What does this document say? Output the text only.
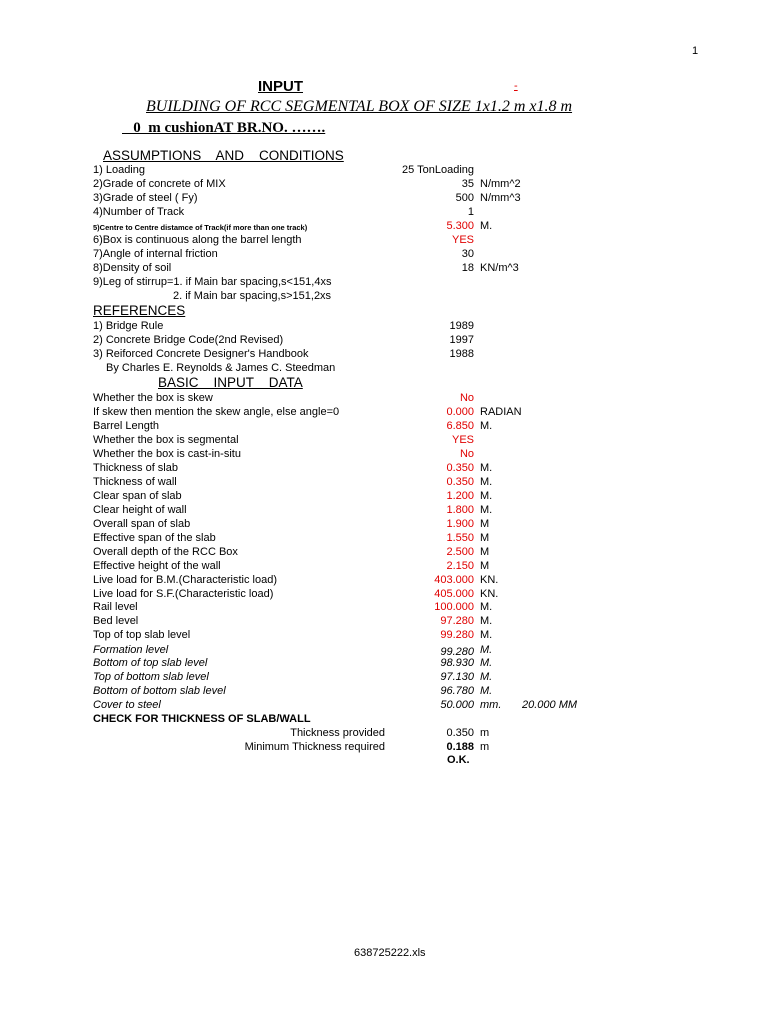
1
INPUT	-
BUILDING OF RCC SEGMENTAL BOX OF SIZE 1x1.2 m x1.8 m
0  m cushionAT BR.NO. …….
ASSUMPTIONS    AND    CONDITIONS
1) Loading	25 TonLoading
2)Grade of concrete of MIX	35 N/mm^2
3)Grade of steel ( Fy)	500 N/mm^3
4)Number of Track	1
5)Centre to Centre distamce of Track(if more than one track)	5.300 M.
6)Box is continuous along the barrel length	YES
7)Angle of internal friction	30
8)Density of soil	18 KN/m^3
9)Leg of stirrup=1. if Main bar spacing,s<151,4xs
2. if Main bar spacing,s>151,2xs
REFERENCES
1) Bridge Rule	1989
2) Concrete Bridge Code(2nd Revised)	1997
3) Reiforced Concrete Designer's Handbook	1988
By Charles E. Reynolds & James C. Steedman
BASIC    INPUT    DATA
Whether the box is skew	No
If skew then mention the skew angle, else angle=0	0.000 RADIAN
Barrel Length	6.850 M.
Whether the box is segmental	YES
Whether the box is cast-in-situ	No
Thickness of slab	0.350 M.
Thickness of wall	0.350 M.
Clear span of slab	1.200 M.
Clear height of wall	1.800 M.
Overall span of slab	1.900 M
Effective span of the slab	1.550 M
Overall depth of the RCC Box	2.500 M
Effective height of the wall	2.150 M
Live load for B.M.(Characteristic load)	403.000 KN.
Live load for S.F.(Characteristic load)	405.000 KN.
Rail level	100.000 M.
Bed level	97.280 M.
Top of top slab level	99.280 M.
Formation level	99.280 M.
Bottom of top slab level	98.930 M.
Top of bottom slab level	97.130 M.
Bottom of bottom slab level	96.780 M.
Cover to steel	50.000 mm. 20.000 MM
CHECK FOR THICKNESS OF SLAB/WALL
Thickness provided	0.350 m
Minimum Thickness required	0.188 m
O.K.
638725222.xls
